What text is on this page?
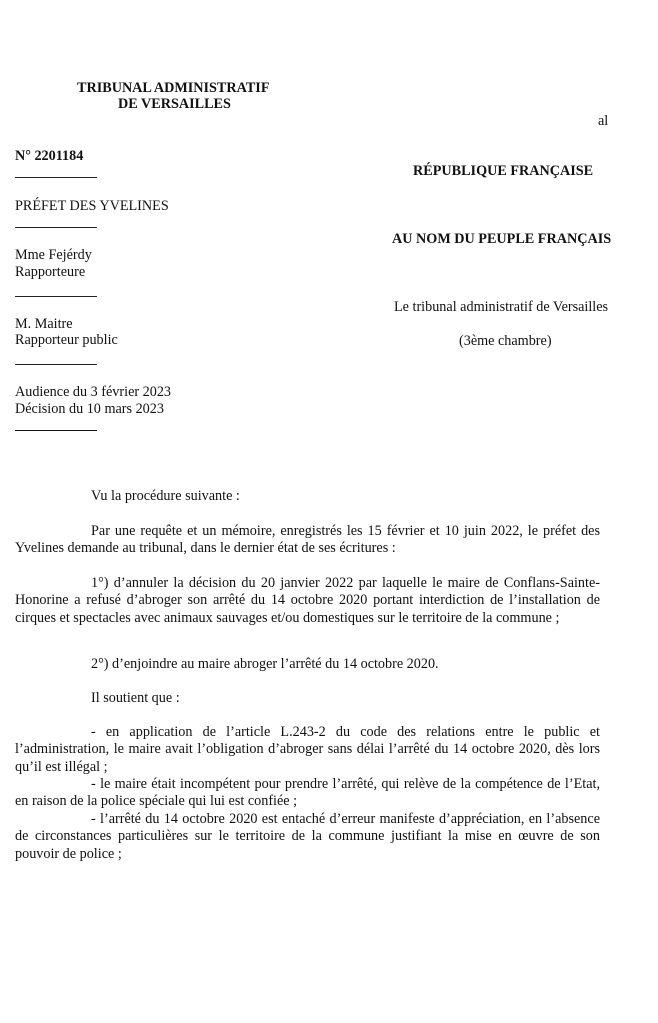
TRIBUNAL ADMINISTRATIF
DE VERSAILLES
al
N° 2201184
PRÉFET DES YVELINES
Mme Fejérdy
Rapporteure
M. Maitre
Rapporteur public
Audience du 3 février 2023
Décision du 10 mars 2023
RÉPUBLIQUE FRANÇAISE
AU NOM DU PEUPLE FRANÇAIS
Le tribunal administratif de Versailles
(3ème chambre)
Vu la procédure suivante :

Par une requête et un mémoire, enregistrés les 15 février et 10 juin 2022, le préfet des Yvelines demande au tribunal, dans le dernier état de ses écritures :

1°) d’annuler la décision du 20 janvier 2022 par laquelle le maire de Conflans-Sainte-Honorine a refusé d’abroger son arrêté du 14 octobre 2020 portant interdiction de l’installation de cirques et spectacles avec animaux sauvages et/ou domestiques sur le territoire de la commune ;

2°) d’enjoindre au maire abroger l’arrêté du 14 octobre 2020.
Il soutient que :

- en application de l’article L.243-2 du code des relations entre le public et l’administration, le maire avait l’obligation d’abroger sans délai l’arrêté du 14 octobre 2020, dès lors qu’il est illégal ;

- le maire était incompétent pour prendre l’arrêté, qui relève de la compétence de l’Etat, en raison de la police spéciale qui lui est confiée ;

- l’arrêté du 14 octobre 2020 est entaché d’erreur manifeste d’appréciation, en l’absence de circonstances particulières sur le territoire de la commune justifiant la mise en œuvre de son pouvoir de police ;
